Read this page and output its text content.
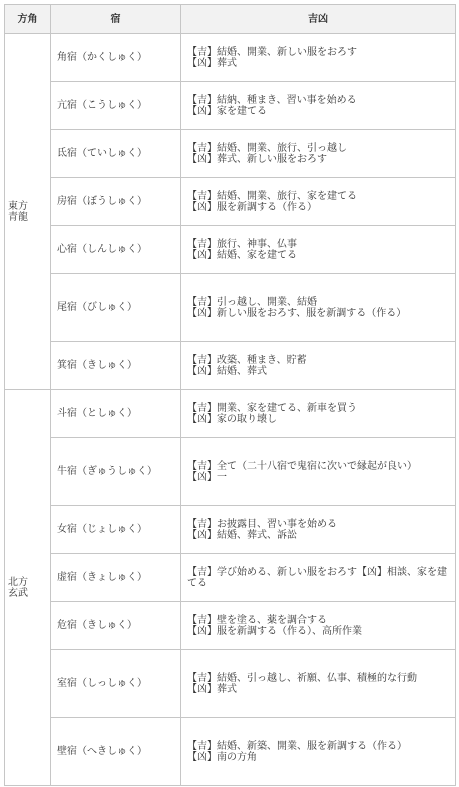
方角	宿	吉凶

東方
青龍	角宿（かくしゅく）	【吉】結婚、開業、新しい服をおろす
【凶】葬式

	亢宿（こうしゅく）	【吉】結納、種まき、習い事を始める
【凶】家を建てる

	氐宿（ていしゅく）	【吉】結婚、開業、旅行、引っ越し
【凶】葬式、新しい服をおろす

	房宿（ぼうしゅく）	【吉】結婚、開業、旅行、家を建てる
【凶】服を新調する（作る）

	心宿（しんしゅく）	【吉】旅行、神事、仏事
【凶】結婚、家を建てる

	尾宿（びしゅく）	【吉】引っ越し、開業、結婚
【凶】新しい服をおろす、服を新調する（作る）

	箕宿（きしゅく）	【吉】改築、種まき、貯蓄
【凶】結婚、葬式

北方
玄武	斗宿（としゅく）	【吉】開業、家を建てる、新車を買う
【凶】家の取り壊し

	牛宿（ぎゅうしゅく）	【吉】全て（二十八宿で鬼宿に次いで縁起が良い）
【凶】一

	女宿（じょしゅく）	【吉】お披露目、習い事を始める
【凶】結婚、葬式、訴訟

	虚宿（きょしゅく）	【吉】学び始める、新しい服をおろす【凶】相談、家を建てる

	危宿（きしゅく）	【吉】壁を塗る、薬を調合する
【凶】服を新調する（作る）、高所作業

	室宿（しっしゅく）	【吉】結婚、引っ越し、祈願、仏事、積極的な行動
【凶】葬式

	壁宿（へきしゅく）	【吉】結婚、新築、開業、服を新調する（作る）
【凶】南の方角
